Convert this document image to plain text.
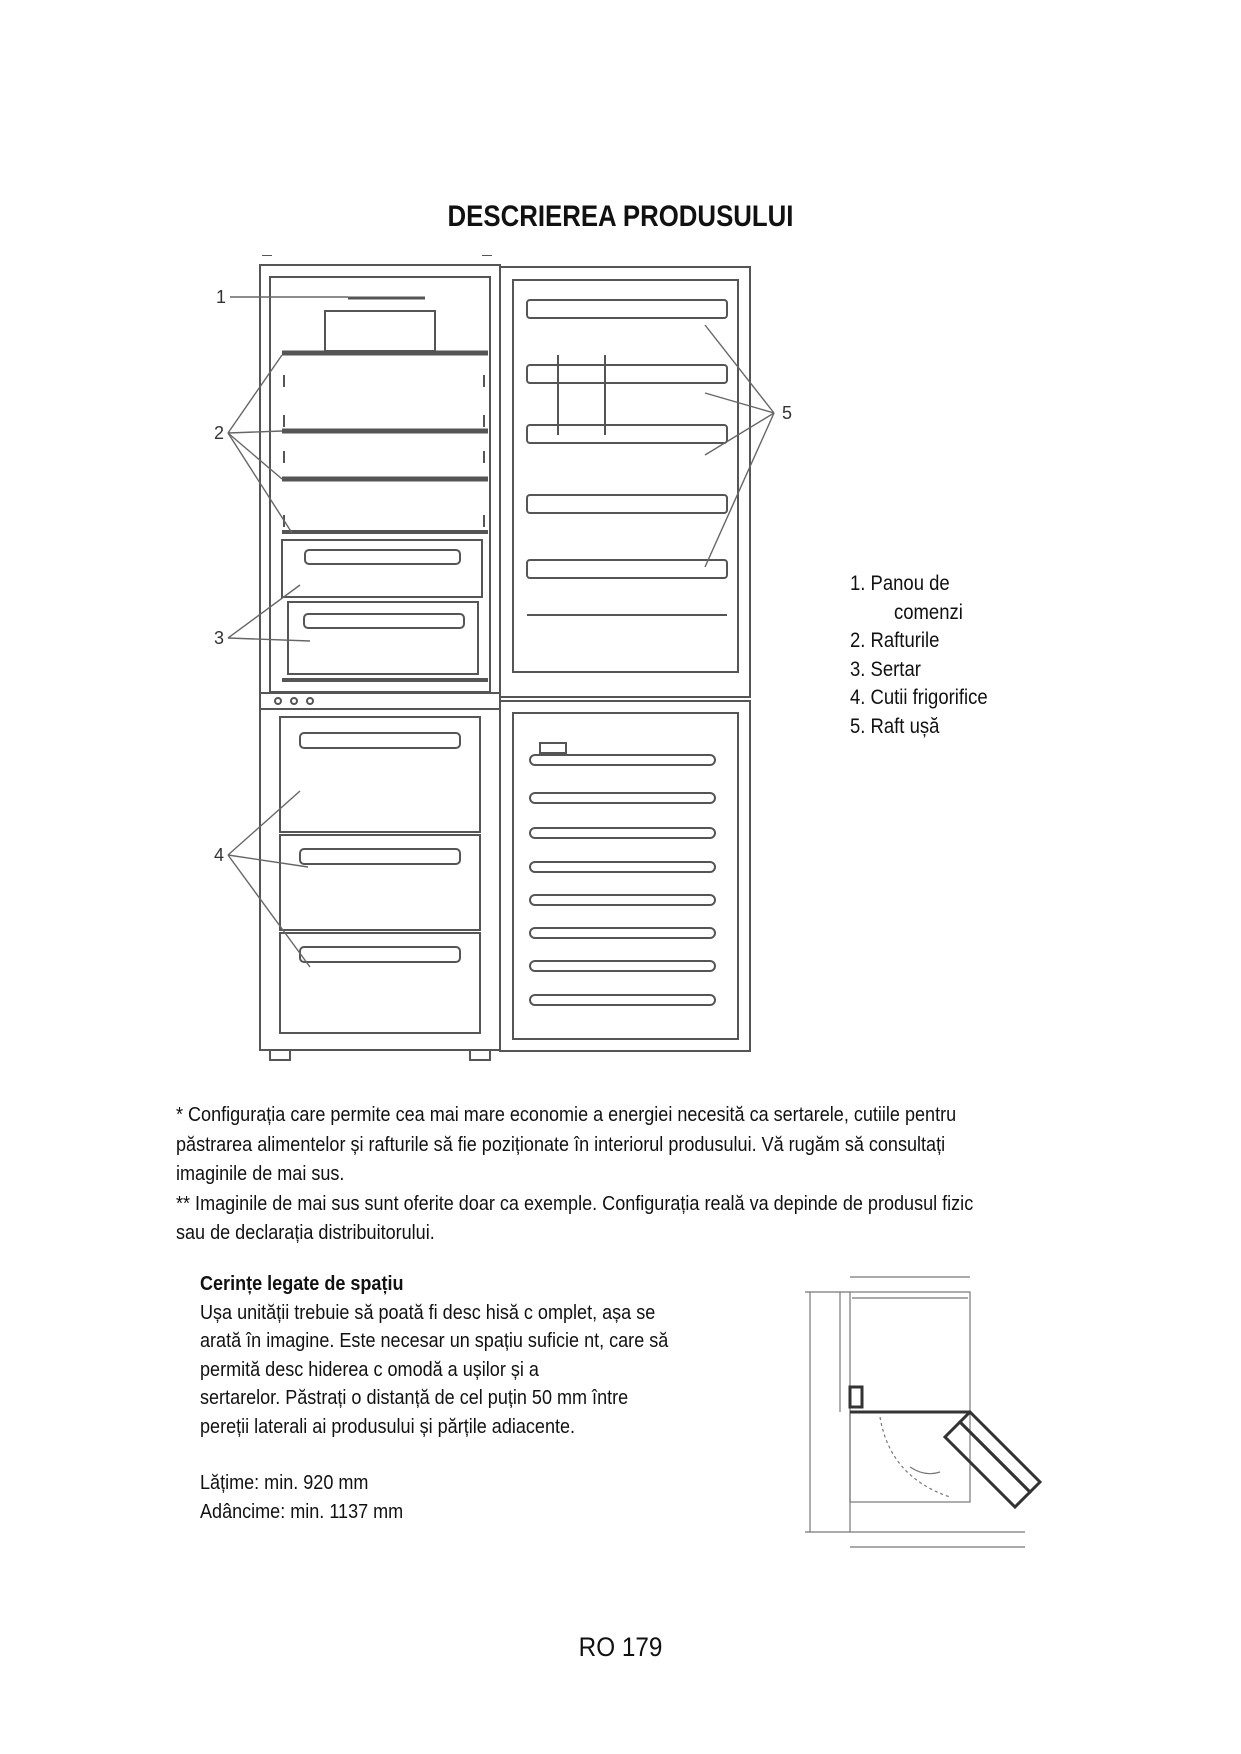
DESCRIEREA PRODUSULUI
1
2
3
4
5
1. Panou de
comenzi
2. Rafturile
3. Sertar
4. Cutii frigorifice
5. Raft ușă
* Configurația care permite cea mai mare economie a energiei necesită ca sertarele, cutiile pentru
păstrarea alimentelor și rafturile să fie poziționate în interiorul produsului. Vă rugăm să consultați
imaginile de mai sus.
** Imaginile de mai sus sunt oferite doar ca exemple. Configurația reală va depinde de produsul fizic
sau de declarația distribuitorului.
Cerințe legate de spațiu
Ușa unității trebuie să poată fi desc hisă c omplet, așa se
arată în imagine. Este necesar un spațiu suficie nt, care să
permită desc hiderea c omodă a ușilor și a
sertarelor. Păstrați o distanță de cel puțin 50 mm între
pereții laterali ai produsului și părțile adiacente.
Lățime: min. 920 mm
Adâncime: min. 1137 mm
RO 179
